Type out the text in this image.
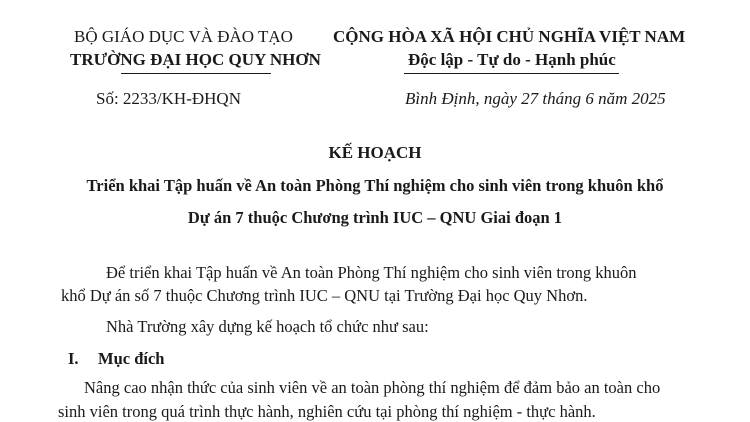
BỘ GIÁO DỤC VÀ ĐÀO TẠO
TRƯỜNG ĐẠI HỌC QUY NHƠN
Số: 2233/KH-ĐHQN
CỘNG HÒA XÃ HỘI CHỦ NGHĨA VIỆT NAM
Độc lập - Tự do - Hạnh phúc
Bình Định, ngày 27 tháng 6 năm 2025
KẾ HOẠCH
Triển khai Tập huấn về An toàn Phòng Thí nghiệm cho sinh viên trong khuôn khổ
Dự án 7 thuộc Chương trình IUC – QNU Giai đoạn 1
Để triển khai Tập huấn về An toàn Phòng Thí nghiệm cho sinh viên trong khuôn
khổ Dự án số 7 thuộc Chương trình IUC – QNU tại Trường Đại học Quy Nhơn.
Nhà Trường xây dựng kế hoạch tổ chức như sau:
I. Mục đích
Nâng cao nhận thức của sinh viên về an toàn phòng thí nghiệm để đảm bảo an toàn cho
sinh viên trong quá trình thực hành, nghiên cứu tại phòng thí nghiệm - thực hành.
